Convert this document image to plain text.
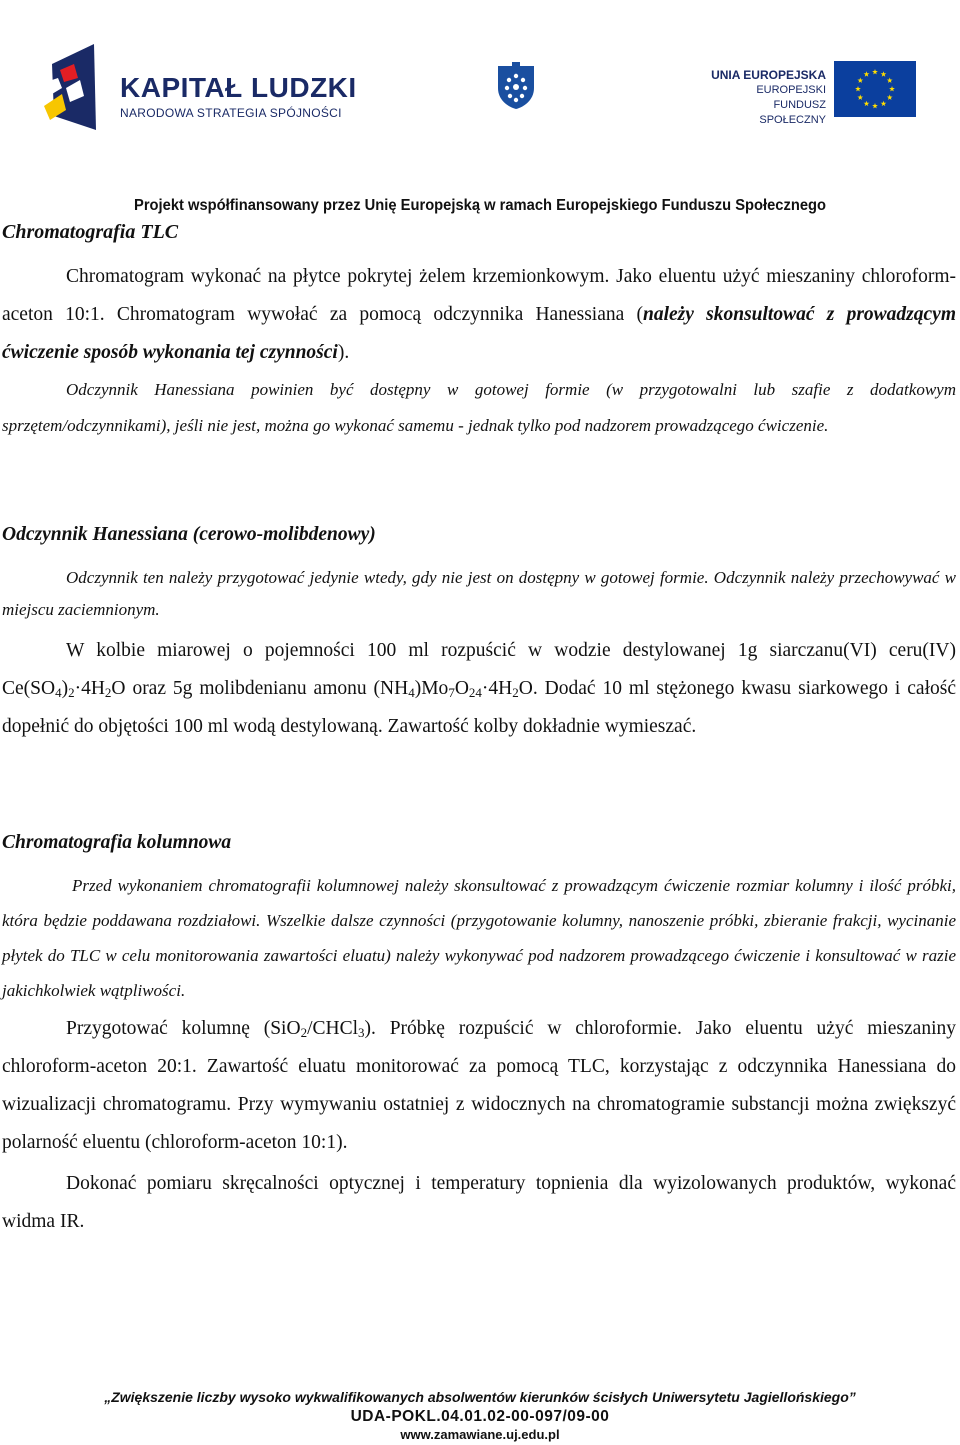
KAPITAŁ LUDZKI
NARODOWA STRATEGIA SPÓJNOŚCI
UNIA EUROPEJSKA
EUROPEJSKI
FUNDUSZ SPOŁECZNY
Projekt współfinansowany przez Unię Europejską w ramach Europejskiego Funduszu Społecznego
Chromatografia TLC
Chromatogram wykonać na płytce pokrytej żelem krzemionkowym. Jako eluentu użyć mieszaniny chloroform-aceton 10:1. Chromatogram wywołać za pomocą odczynnika Hanessiana (należy skonsultować z prowadzącym ćwiczenie sposób wykonania tej czynności).
Odczynnik Hanessiana powinien być dostępny w gotowej formie (w przygotowalni lub szafie z dodatkowym sprzętem/odczynnikami), jeśli nie jest, można go wykonać samemu - jednak tylko pod nadzorem prowadzącego ćwiczenie.
Odczynnik Hanessiana (cerowo-molibdenowy)
Odczynnik ten należy przygotować jedynie wtedy, gdy nie jest on dostępny w gotowej formie. Odczynnik należy przechowywać w miejscu zaciemnionym.
W kolbie miarowej o pojemności 100 ml rozpuścić w wodzie destylowanej 1g siarczanu(VI) ceru(IV) $Ce(SO_4)_2\cdot 4H_2O$ oraz 5g molibdenianu amonu $(NH_4)Mo_7O_{24}\cdot 4H_2O$. Dodać 10 ml stężonego kwasu siarkowego i całość dopełnić do objętości 100 ml wodą destylowaną. Zawartość kolby dokładnie wymieszać.
Chromatografia kolumnowa
Przed wykonaniem chromatografii kolumnowej należy skonsultować z prowadzącym ćwiczenie rozmiar kolumny i ilość próbki, która będzie poddawana rozdziałowi. Wszelkie dalsze czynności (przygotowanie kolumny, nanoszenie próbki, zbieranie frakcji, wycinanie płytek do TLC w celu monitorowania zawartości eluatu) należy wykonywać pod nadzorem prowadzącego ćwiczenie i konsultować w razie jakichkolwiek wątpliwości.
Przygotować kolumnę (SiO$_2$/CHCl$_3$). Próbkę rozpuścić w chloroformie. Jako eluentu użyć mieszaniny chloroform-aceton 20:1. Zawartość eluatu monitorować za pomocą TLC, korzystając z odczynnika Hanessiana do wizualizacji chromatogramu. Przy wymywaniu ostatniej z widocznych na chromatogramie substancji można zwiększyć polarność eluentu (chloroform-aceton 10:1).
Dokonać pomiaru skręcalności optycznej i temperatury topnienia dla wyizolowanych produktów, wykonać widma IR.
„Zwiększenie liczby wysoko wykwalifikowanych absolwentów kierunków ścisłych Uniwersytetu Jagiellońskiego”
UDA-POKL.04.01.02-00-097/09-00
www.zamawiane.uj.edu.pl
